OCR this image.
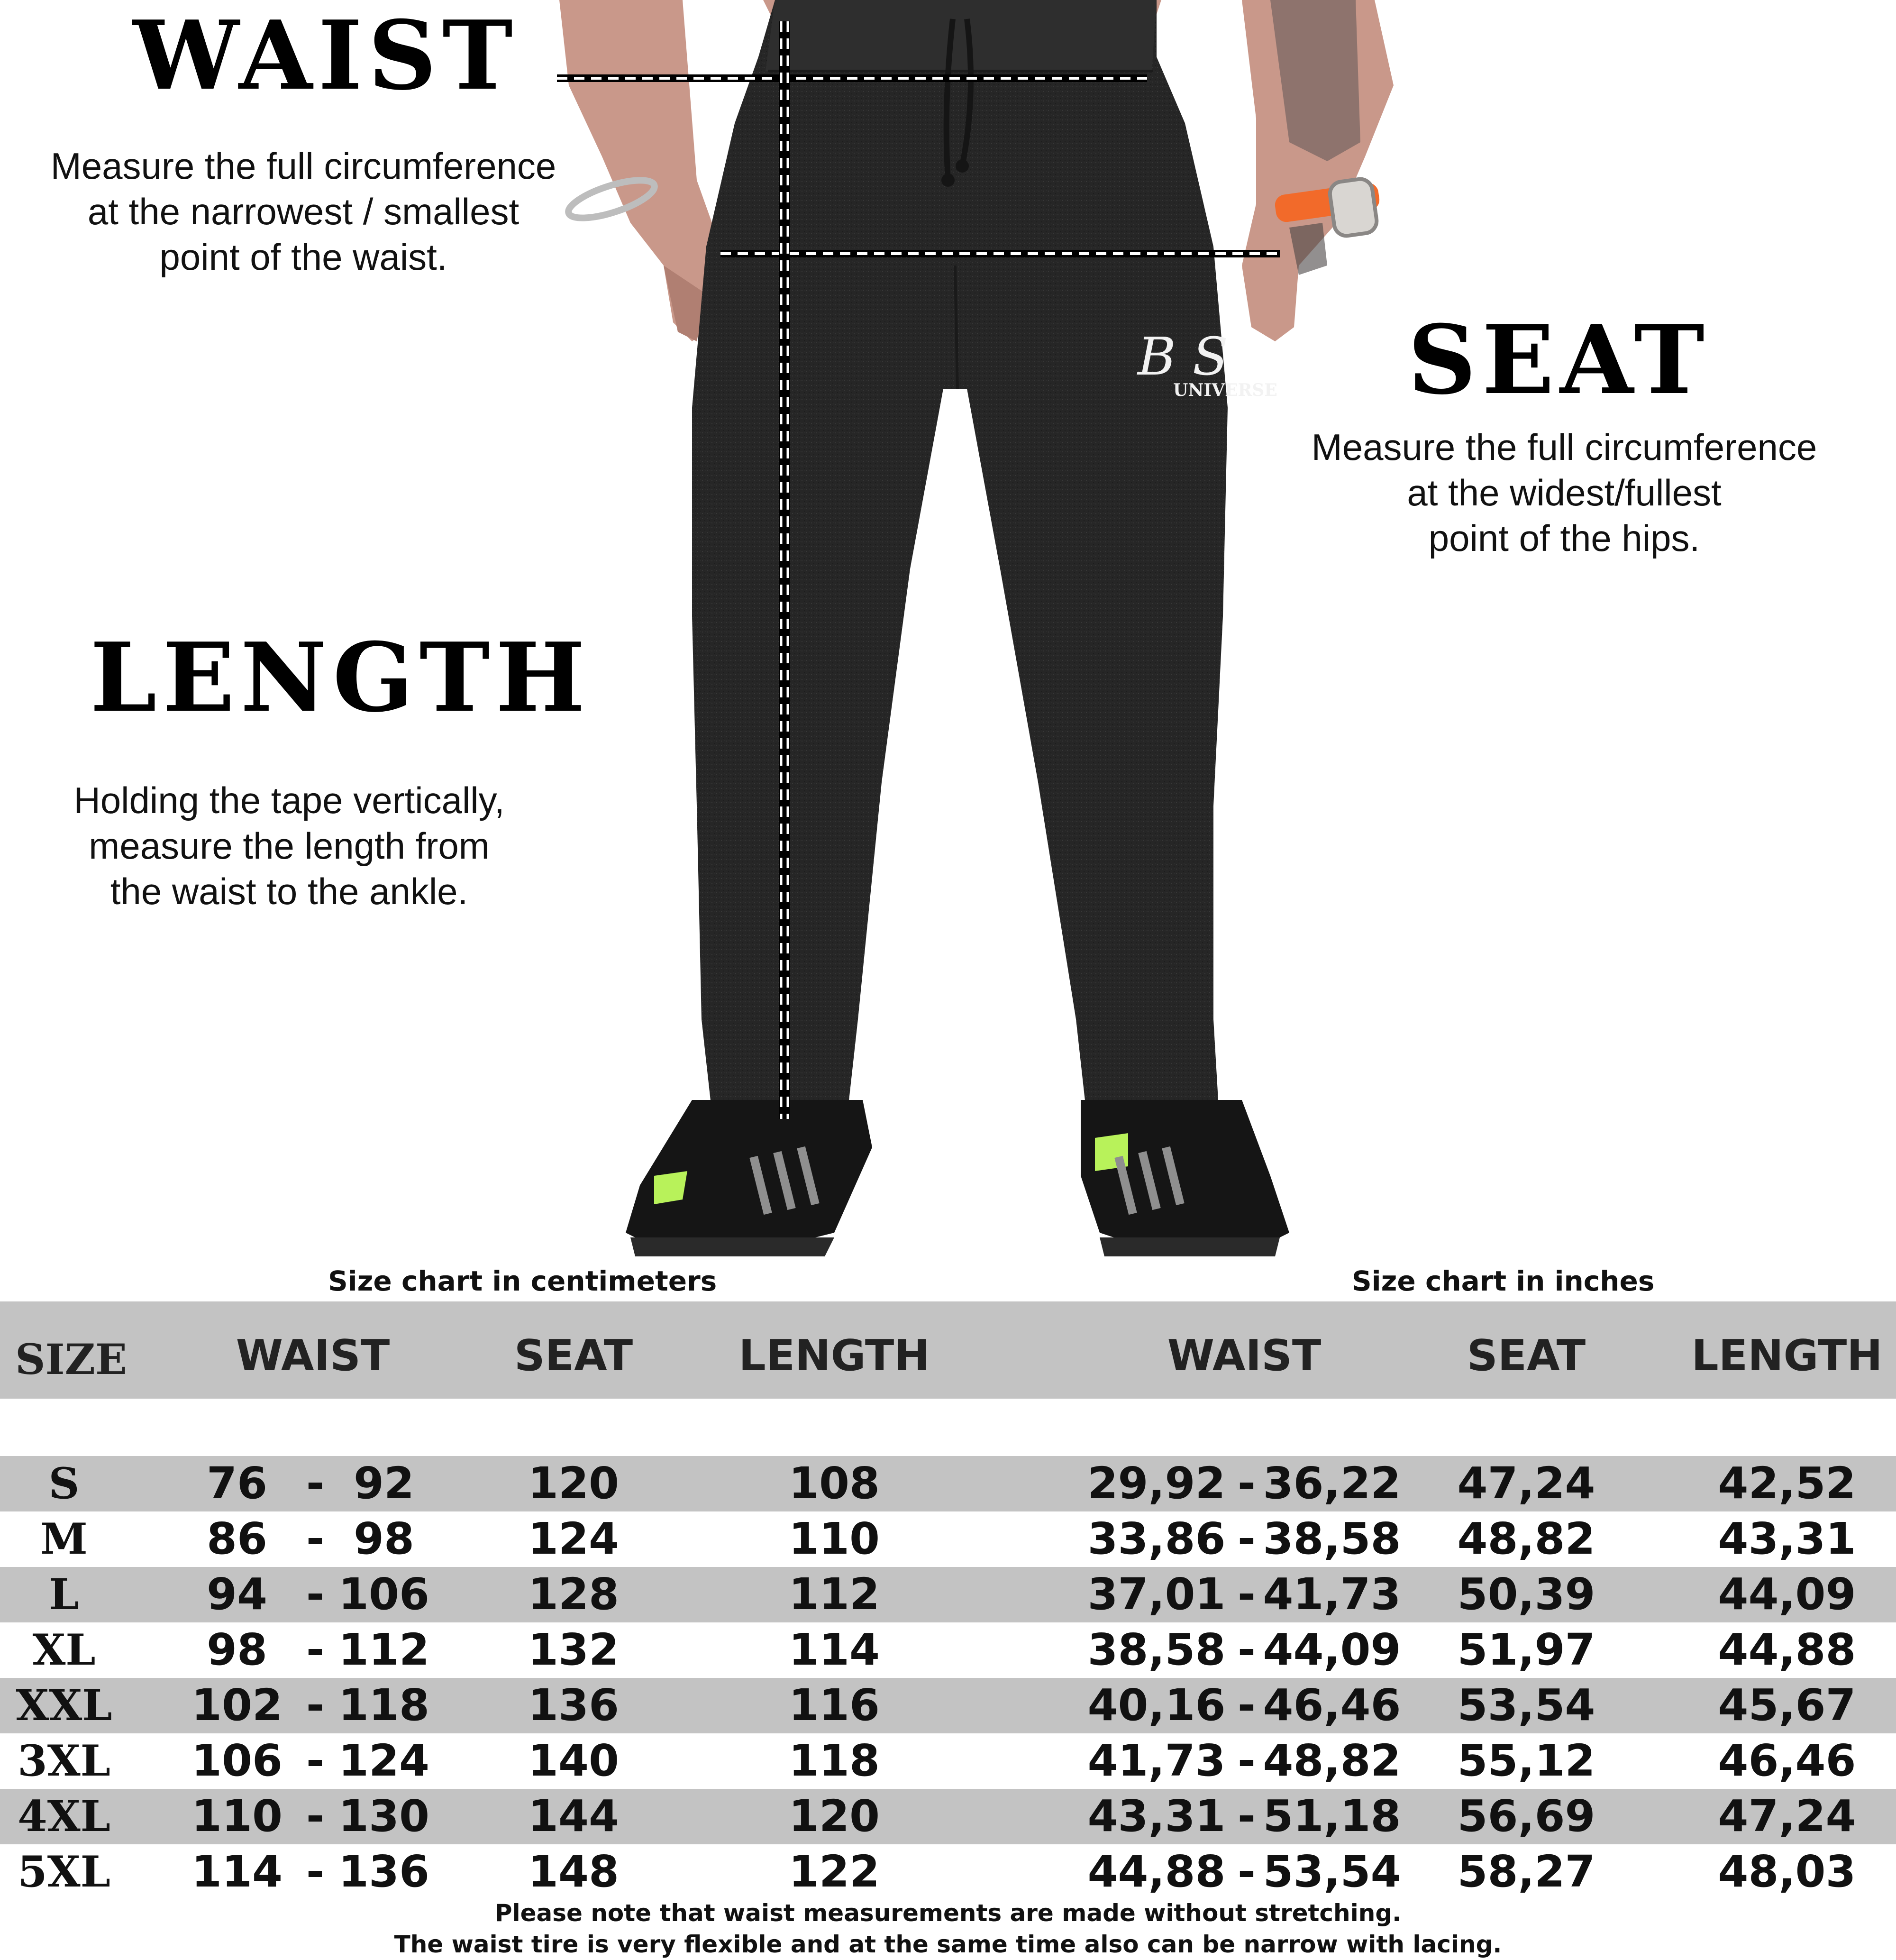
B S
UNIVERSE
WAIST
Measure the full circumference
at the narrowest / smallest
point of the waist.
SEAT
Measure the full circumference
at the widest/fullest
point of the hips.
LENGTH
Holding the tape vertically,
measure the length from
the waist to the ankle.
Size chart in centimeters	Size chart in inches
SIZE	WAIST	SEAT	LENGTH	WAIST	SEAT	LENGTH
S	76 - 92	120	108	29,92 - 36,22 47,24	42,52
M	86 - 98	124	110	33,86 - 38,58 48,82	43,31
L	94 - 106	128	112	37,01 - 41,73 50,39	44,09
XL	98 - 112	132	114	38,58 - 44,09 51,97	44,88
XXL	102 - 118	136	116	40,16 - 46,46 53,54	45,67
3XL	106 - 124	140	118	41,73 - 48,82 55,12	46,46
4XL	110 - 130	144	120	43,31 - 51,18 56,69	47,24
5XL	114 - 136	148	122	44,88 - 53,54 58,27	48,03
Please note that waist measurements are made without stretching.
The waist tire is very flexible and at the same time also can be narrow with lacing.
